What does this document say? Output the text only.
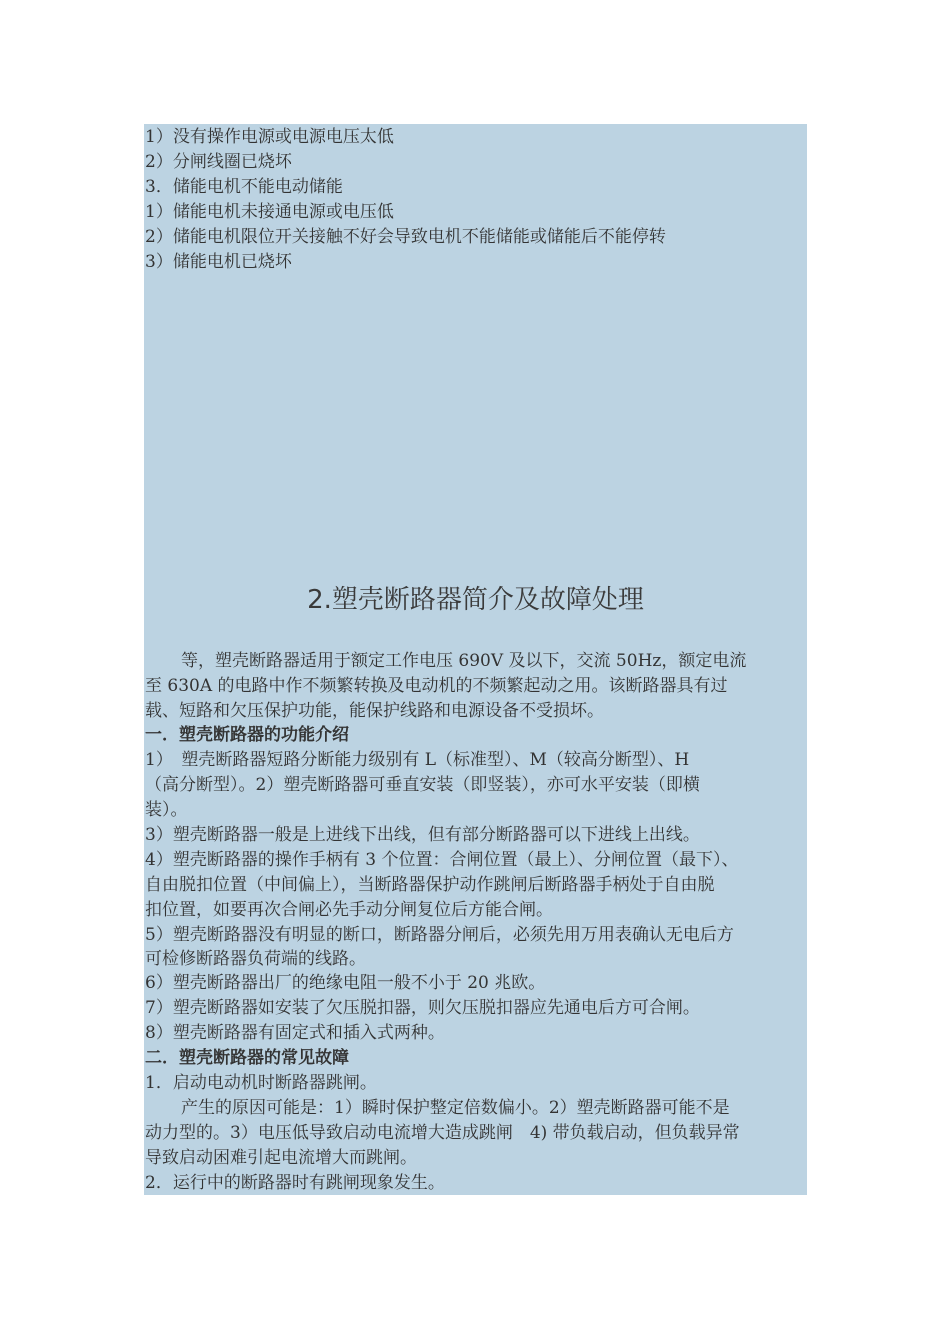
1）没有操作电源或电源电压太低
2）分闸线圈已烧坏
3．储能电机不能电动储能
1）储能电机未接通电源或电压低
2）储能电机限位开关接触不好会导致电机不能储能或储能后不能停转
3）储能电机已烧坏
2.塑壳断路器简介及故障处理
等，塑壳断路器适用于额定工作电压 690V 及以下，交流 50Hz，额定电流
至 630A 的电路中作不频繁转换及电动机的不频繁起动之用。该断路器具有过
载、短路和欠压保护功能，能保护线路和电源设备不受损坏。
一．塑壳断路器的功能介绍
1）　塑壳断路器短路分断能力级别有 L（标准型）、M（较高分断型）、H
（高分断型）。2）塑壳断路器可垂直安装（即竖装），亦可水平安装（即横
装）。
3）塑壳断路器一般是上进线下出线，但有部分断路器可以下进线上出线。
4）塑壳断路器的操作手柄有 3 个位置：合闸位置（最上）、分闸位置（最下）、
自由脱扣位置（中间偏上），当断路器保护动作跳闸后断路器手柄处于自由脱
扣位置，如要再次合闸必先手动分闸复位后方能合闸。
5）塑壳断路器没有明显的断口，断路器分闸后，必须先用万用表确认无电后方
可检修断路器负荷端的线路。
6）塑壳断路器出厂的绝缘电阻一般不小于 20 兆欧。
7）塑壳断路器如安装了欠压脱扣器，则欠压脱扣器应先通电后方可合闸。
8）塑壳断路器有固定式和插入式两种。
二．塑壳断路器的常见故障
1．启动电动机时断路器跳闸。
产生的原因可能是：1）瞬时保护整定倍数偏小。2）塑壳断路器可能不是
动力型的。3）电压低导致启动电流增大造成跳闸　4) 带负载启动，但负载异常
导致启动困难引起电流增大而跳闸。
2．运行中的断路器时有跳闸现象发生。
